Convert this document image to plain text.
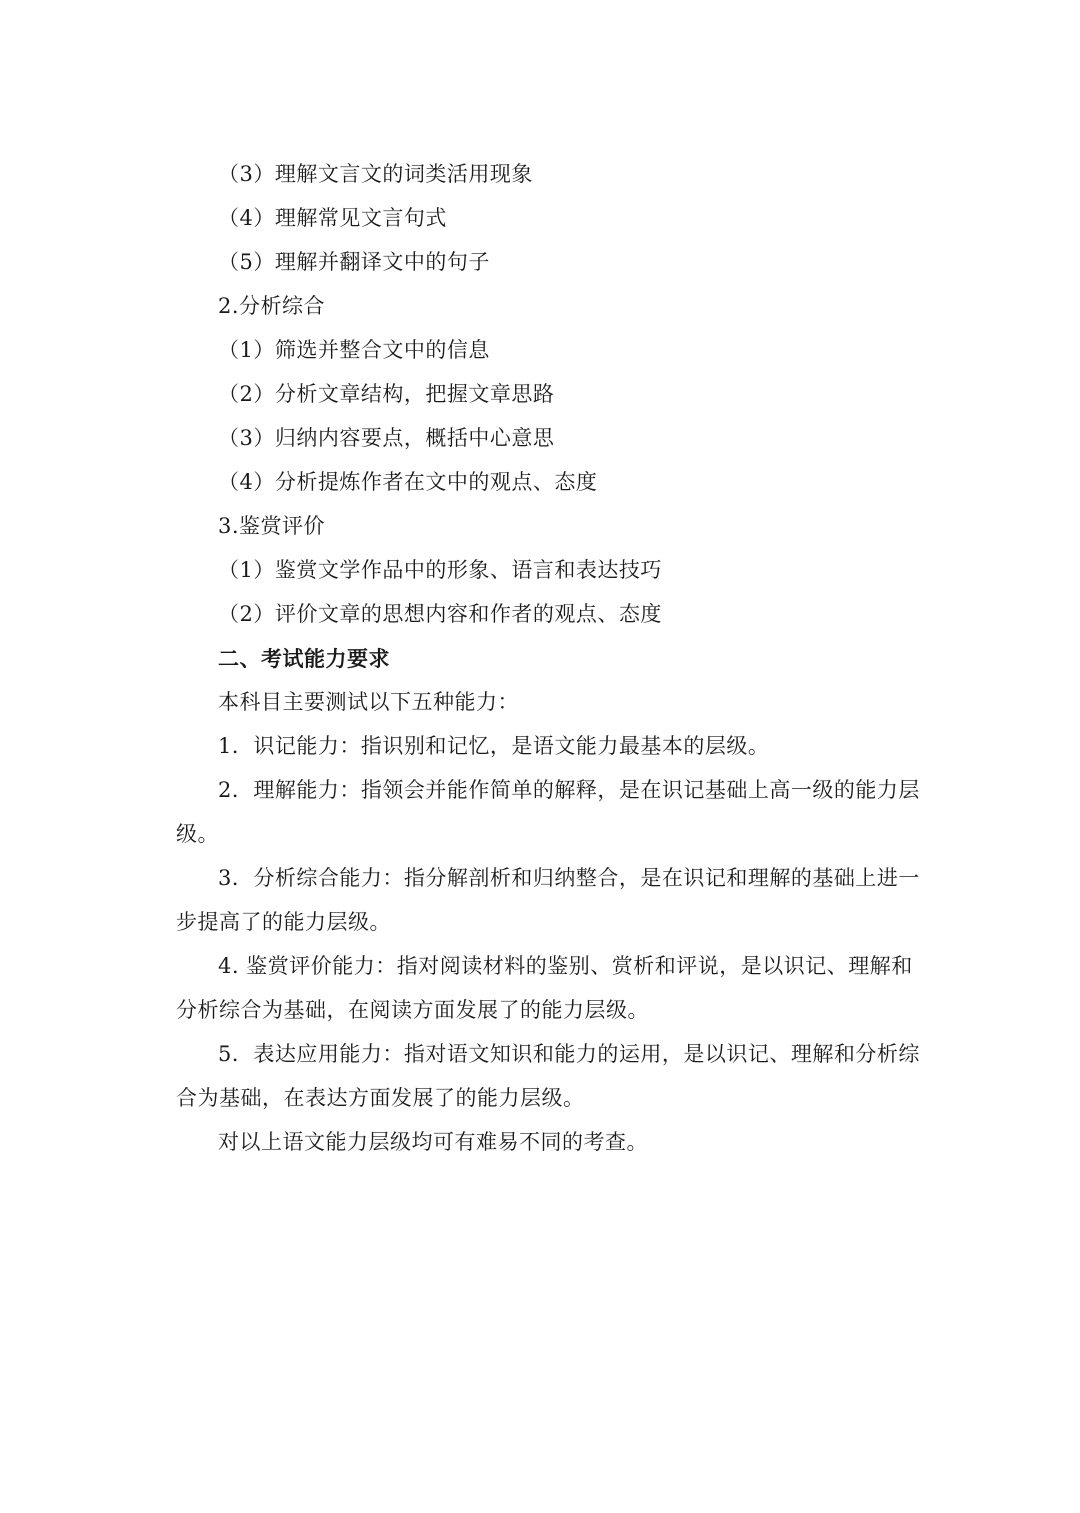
（3）理解文言文的词类活用现象
（4）理解常见文言句式
（5）理解并翻译文中的句子
2.分析综合
（1）筛选并整合文中的信息
（2）分析文章结构，把握文章思路
（3）归纳内容要点，概括中心意思
（4）分析提炼作者在文中的观点、态度
3.鉴赏评价
（1）鉴赏文学作品中的形象、语言和表达技巧
（2）评价文章的思想内容和作者的观点、态度
二、考试能力要求
本科目主要测试以下五种能力：
1．识记能力：指识别和记忆，是语文能力最基本的层级。
2．理解能力：指领会并能作简单的解释，是在识记基础上高一级的能力层
级。
3．分析综合能力：指分解剖析和归纳整合，是在识记和理解的基础上进一
步提高了的能力层级。
4. 鉴赏评价能力：指对阅读材料的鉴别、赏析和评说，是以识记、理解和
分析综合为基础，在阅读方面发展了的能力层级。
5．表达应用能力：指对语文知识和能力的运用，是以识记、理解和分析综
合为基础，在表达方面发展了的能力层级。
对以上语文能力层级均可有难易不同的考查。
